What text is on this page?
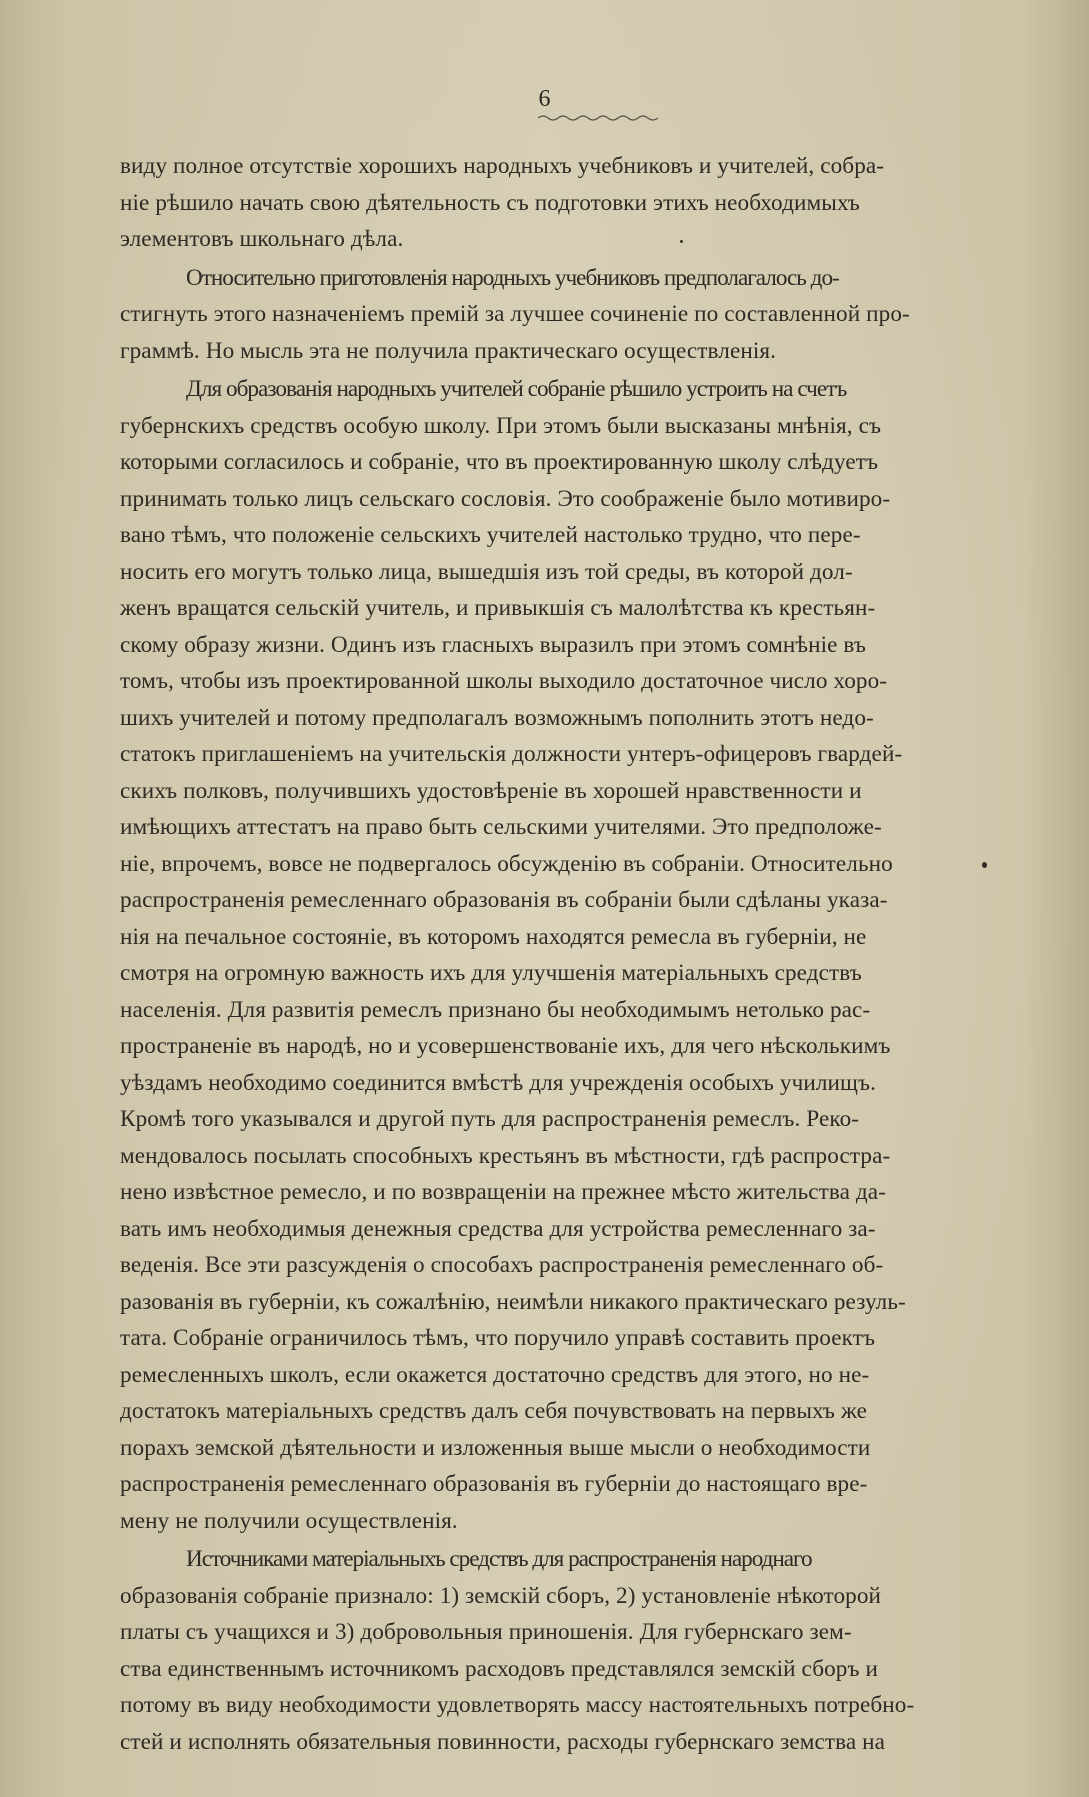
6
виду полное отсутствіе хорошихъ народныхъ учебниковъ и учителей, собра-
ніе рѣшило начать свою дѣятельность съ подготовки этихъ необходимыхъ
элементовъ школьнаго дѣла.
Относительно приготовленія народныхъ учебниковъ предполагалось до-
стигнуть этого назначеніемъ премій за лучшее сочиненіе по составленной про-
граммѣ. Но мысль эта не получила практическаго осуществленія.
Для образованія народныхъ учителей собраніе рѣшило устроить на счетъ
губернскихъ средствъ особую школу. При этомъ были высказаны мнѣнія, съ
которыми согласилось и собраніе, что въ проектированную школу слѣдуетъ
принимать только лицъ сельскаго сословія. Это соображеніе было мотивиро-
вано тѣмъ, что положеніе сельскихъ учителей настолько трудно, что пере-
носить его могутъ только лица, вышедшія изъ той среды, въ которой дол-
женъ вращатся сельскій учитель, и привыкшія съ малолѣтства къ крестьян-
скому образу жизни. Одинъ изъ гласныхъ выразилъ при этомъ сомнѣніе въ
томъ, чтобы изъ проектированной школы выходило достаточное число хоро-
шихъ учителей и потому предполагалъ возможнымъ пополнить этотъ недо-
статокъ приглашеніемъ на учительскія должности унтеръ-офицеровъ гвардей-
скихъ полковъ, получившихъ удостовѣреніе въ хорошей нравственности и
имѣющихъ аттестатъ на право быть сельскими учителями. Это предположе-
ніе, впрочемъ, вовсе не подвергалось обсужденію въ собраніи. Относительно
распространенія ремесленнаго образованія въ собраніи были сдѣланы указа-
нія на печальное состояніе, въ которомъ находятся ремесла въ губерніи, не
смотря на огромную важность ихъ для улучшенія матеріальныхъ средствъ
населенія. Для развитія ремеслъ признано бы необходимымъ нетолько рас-
пространеніе въ народѣ, но и усовершенствованіе ихъ, для чего нѣсколькимъ
уѣздамъ необходимо соединится вмѣстѣ для учрежденія особыхъ училищъ.
Кромѣ того указывался и другой путь для распространенія ремеслъ. Реко-
мендовалось посылать способныхъ крестьянъ въ мѣстности, гдѣ распростра-
нено извѣстное ремесло, и по возвращеніи на прежнее мѣсто жительства да-
вать имъ необходимыя денежныя средства для устройства ремесленнаго за-
веденія. Все эти разсужденія о способахъ распространенія ремесленнаго об-
разованія въ губерніи, къ сожалѣнію, неимѣли никакого практическаго резуль-
тата. Собраніе ограничилось тѣмъ, что поручило управѣ составить проектъ
ремесленныхъ школъ, если окажется достаточно средствъ для этого, но не-
достатокъ матеріальныхъ средствъ далъ себя почувствовать на первыхъ же
порахъ земской дѣятельности и изложенныя выше мысли о необходимости
распространенія ремесленнаго образованія въ губерніи до настоящаго вре-
мену не получили осуществленія.
Источниками матеріальныхъ средствъ для распространенія народнаго
образованія собраніе признало: 1) земскій сборъ, 2) установленіе нѣкоторой
платы съ учащихся и 3) добровольныя приношенія. Для губернскаго зем-
ства единственнымъ источникомъ расходовъ представлялся земскій сборъ и
потому въ виду необходимости удовлетворять массу настоятельныхъ потребно-
стей и исполнять обязательныя повинности, расходы губернскаго земства на
